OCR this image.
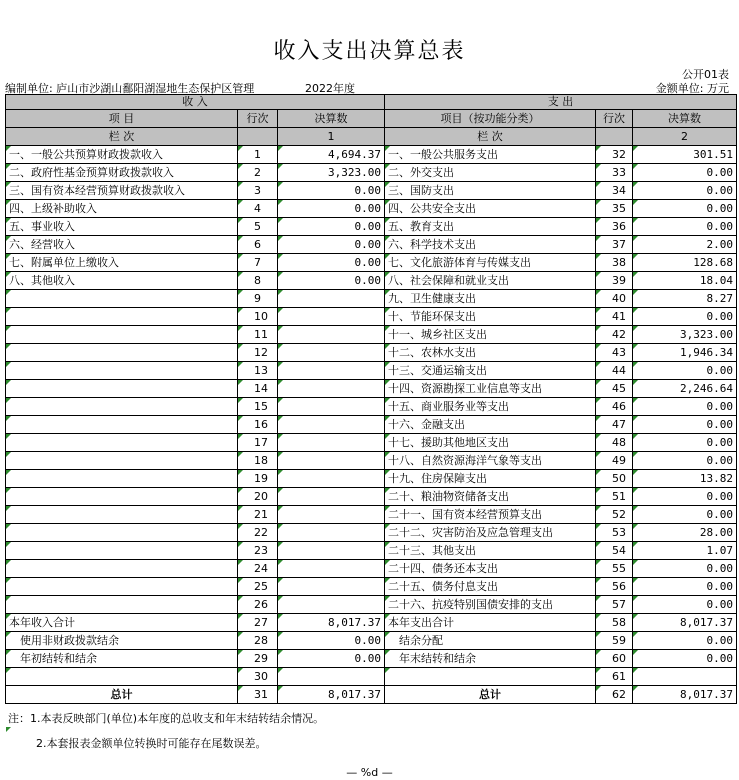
收入支出决算总表
公开01表
编制单位: 庐山市沙湖山鄱阳湖湿地生态保护区管理	2022年度	金额单位: 万元
收 入			支 出		
项 目	行次	决算数	项目（按功能分类）	行次	决算数
栏 次		1	栏 次		2
一、一般公共预算财政拨款收入	1	4,694.37	一、一般公共服务支出	32	301.51
二、政府性基金预算财政拨款收入	2	3,323.00	二、外交支出	33	0.00
三、国有资本经营预算财政拨款收入	3	0.00	三、国防支出	34	0.00
四、上级补助收入	4	0.00	四、公共安全支出	35	0.00
五、事业收入	5	0.00	五、教育支出	36	0.00
六、经营收入	6	0.00	六、科学技术支出	37	2.00
七、附属单位上缴收入	7	0.00	七、文化旅游体育与传媒支出	38	128.68
八、其他收入	8	0.00	八、社会保障和就业支出	39	18.04
	9		九、卫生健康支出	40	8.27
	10		十、节能环保支出	41	0.00
	11		十一、城乡社区支出	42	3,323.00
	12		十二、农林水支出	43	1,946.34
	13		十三、交通运输支出	44	0.00
	14		十四、资源勘探工业信息等支出	45	2,246.64
	15		十五、商业服务业等支出	46	0.00
	16		十六、金融支出	47	0.00
	17		十七、援助其他地区支出	48	0.00
	18		十八、自然资源海洋气象等支出	49	0.00
	19		十九、住房保障支出	50	13.82
	20		二十、粮油物资储备支出	51	0.00
	21		二十一、国有资本经营预算支出	52	0.00
	22		二十二、灾害防治及应急管理支出	53	28.00
	23		二十三、其他支出	54	1.07
	24		二十四、债务还本支出	55	0.00
	25		二十五、债务付息支出	56	0.00
	26		二十六、抗疫特别国债安排的支出	57	0.00
本年收入合计	27	8,017.37	本年支出合计	58	8,017.37
使用非财政拨款结余	28	0.00	结余分配	59	0.00
年初结转和结余	29	0.00	年末结转和结余	60	0.00
	30			61	
总计	31	8,017.37	总计	62	8,017.37
注：1.本表反映部门(单位)本年度的总收支和年末结转结余情况。
2.本套报表金额单位转换时可能存在尾数误差。
— %d —
